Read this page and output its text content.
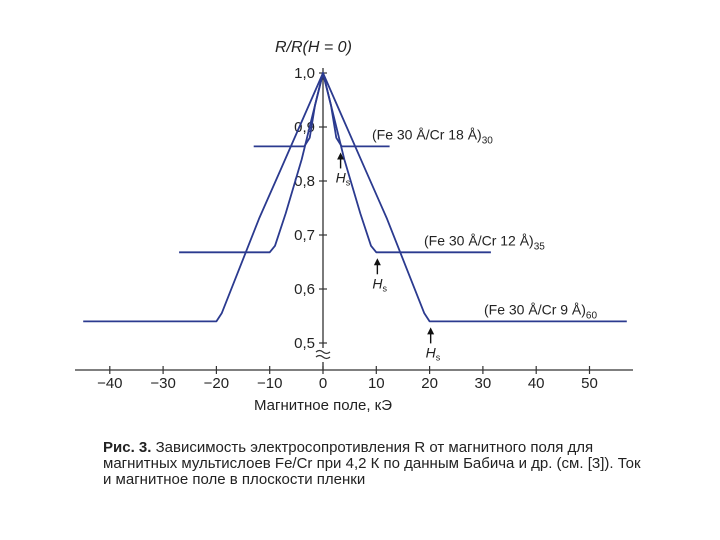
1,0
0,9
0,8
0,7
0,6
0,5
−40 −30 −20 −10 0	10 20 30 40 50
R/R(H = 0)
Магнитное поле, кЭ
(Fe 30 Å/Cr 18 $Å)_{30}$
(Fe 30 Å/Cr 12 $Å)_{35}$
(Fe 30 Å/Cr 9 $Å)_{60}$
$H_s$
$H_s$
$H_s$
Рис. 3. Зависимость электросопротивления R от магнитного поля для магнитных мультислоев Fe/Cr при 4,2 К по данным Бабича и др. (см. [3]). Ток и магнитное поле в плоскости пленки
